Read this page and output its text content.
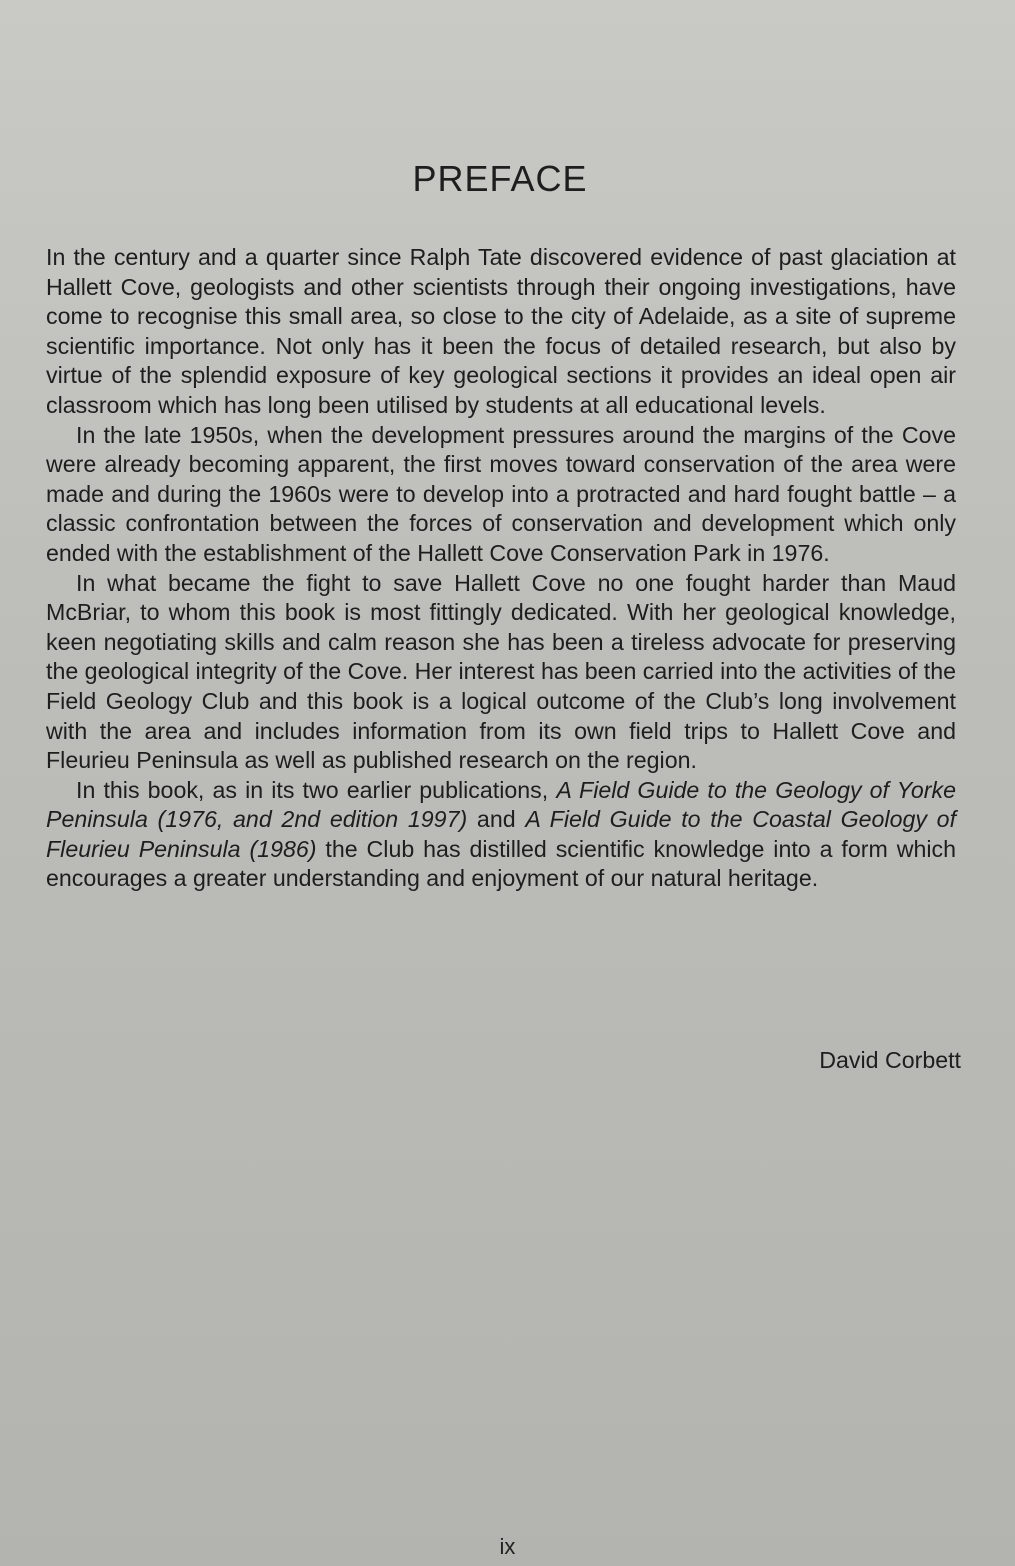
PREFACE

In the century and a quarter since Ralph Tate discovered evidence of past glaciation at Hallett Cove, geologists and other scientists through their ongoing investigations, have come to recognise this small area, so close to the city of Adelaide, as a site of supreme scientific importance. Not only has it been the focus of detailed research, but also by virtue of the splendid exposure of key geological sections it provides an ideal open air classroom which has long been utilised by students at all educational levels.

In the late 1950s, when the development pressures around the margins of the Cove were already becoming apparent, the first moves toward conservation of the area were made and during the 1960s were to develop into a protracted and hard fought battle – a classic confrontation between the forces of conservation and development which only ended with the establishment of the Hallett Cove Conservation Park in 1976.

In what became the fight to save Hallett Cove no one fought harder than Maud McBriar, to whom this book is most fittingly dedicated. With her geological knowledge, keen negotiating skills and calm reason she has been a tireless advocate for preserving the geological integrity of the Cove. Her interest has been carried into the activities of the Field Geology Club and this book is a logical outcome of the Club’s long involvement with the area and includes information from its own field trips to Hallett Cove and Fleurieu Peninsula as well as published research on the region.

In this book, as in its two earlier publications, A Field Guide to the Geology of Yorke Peninsula (1976, and 2nd edition 1997) and A Field Guide to the Coastal Geology of Fleurieu Peninsula (1986) the Club has distilled scientific knowledge into a form which encourages a greater understanding and enjoyment of our natural heritage.

David Corbett

ix
